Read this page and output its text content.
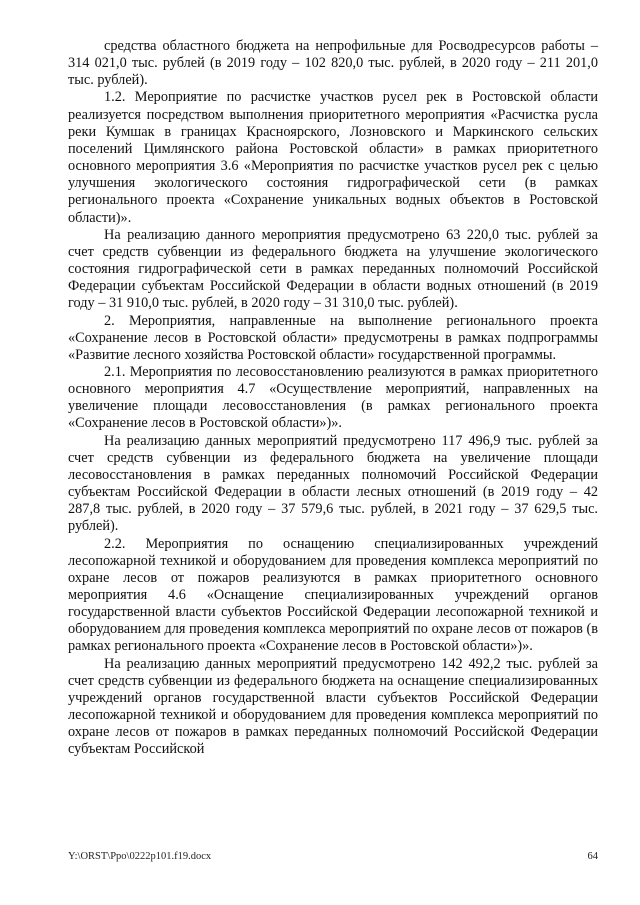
средства областного бюджета на непрофильные для Росводресурсов работы – 314 021,0 тыс. рублей (в 2019 году – 102 820,0 тыс. рублей, в 2020 году – 211 201,0 тыс. рублей).

1.2. Мероприятие по расчистке участков русел рек в Ростовской области реализуется посредством выполнения приоритетного мероприятия «Расчистка русла реки Кумшак в границах Красноярского, Лозновского и Маркинского сельских поселений Цимлянского района Ростовской области» в рамках приоритетного основного мероприятия 3.6 «Мероприятия по расчистке участков русел рек с целью улучшения экологического состояния гидрографической сети (в рамках регионального проекта «Сохранение уникальных водных объектов в Ростовской области)».

На реализацию данного мероприятия предусмотрено 63 220,0 тыс. рублей за счет средств субвенции из федерального бюджета на улучшение экологического состояния гидрографической сети в рамках переданных полномочий Российской Федерации субъектам Российской Федерации в области водных отношений (в 2019 году – 31 910,0 тыс. рублей, в 2020 году – 31 310,0 тыс. рублей).

2. Мероприятия, направленные на выполнение регионального проекта «Сохранение лесов в Ростовской области» предусмотрены в рамках подпрограммы «Развитие лесного хозяйства Ростовской области» государственной программы.

2.1. Мероприятия по лесовосстановлению реализуются в рамках приоритетного основного мероприятия 4.7 «Осуществление мероприятий, направленных на увеличение площади лесовосстановления (в рамках регионального проекта «Сохранение лесов в Ростовской области»)».

На реализацию данных мероприятий предусмотрено 117 496,9 тыс. рублей за счет средств субвенции из федерального бюджета на увеличение площади лесовосстановления в рамках переданных полномочий Российской Федерации субъектам Российской Федерации в области лесных отношений (в 2019 году – 42 287,8 тыс. рублей, в 2020 году – 37 579,6 тыс. рублей, в 2021 году – 37 629,5 тыс. рублей).

2.2. Мероприятия по оснащению специализированных учреждений лесопожарной техникой и оборудованием для проведения комплекса мероприятий по охране лесов от пожаров реализуются в рамках приоритетного основного мероприятия 4.6 «Оснащение специализированных учреждений органов государственной власти субъектов Российской Федерации лесопожарной техникой и оборудованием для проведения комплекса мероприятий по охране лесов от пожаров (в рамках регионального проекта «Сохранение лесов в Ростовской области»)».

На реализацию данных мероприятий предусмотрено 142 492,2 тыс. рублей за счет средств субвенции из федерального бюджета на оснащение специализированных учреждений органов государственной власти субъектов Российской Федерации лесопожарной техникой и оборудованием для проведения комплекса мероприятий по охране лесов от пожаров в рамках переданных полномочий Российской Федерации субъектам Российской

Y:\ORST\Ppo\0222p101.f19.docx	64
